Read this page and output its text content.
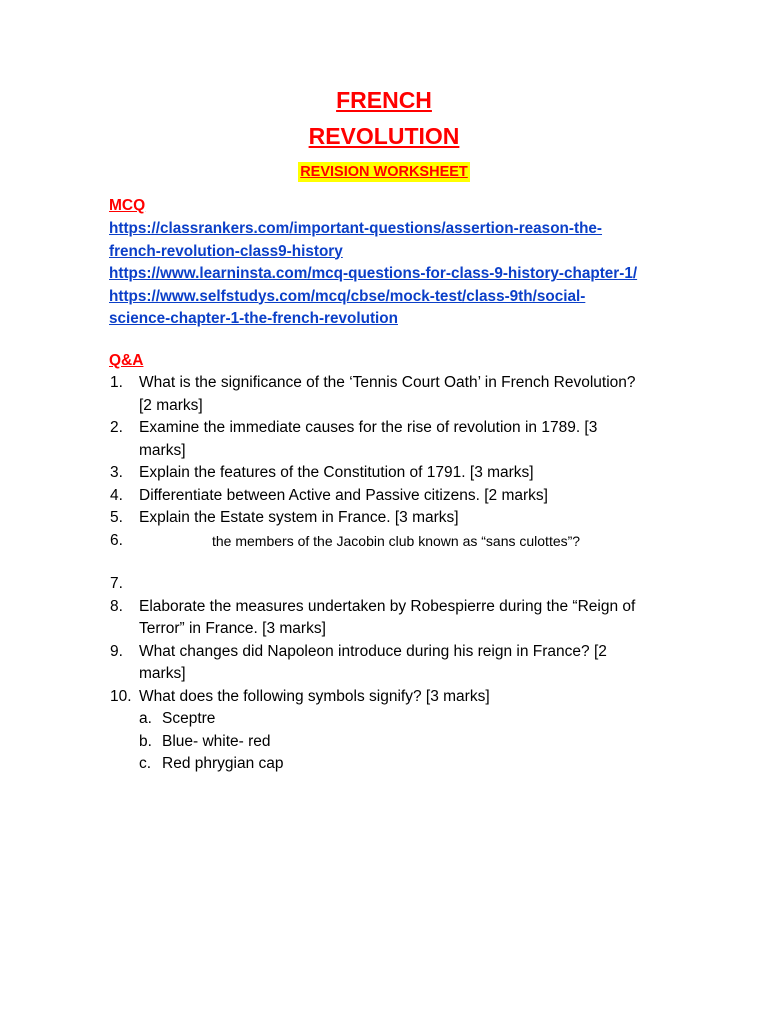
FRENCH
REVOLUTION
REVISION WORKSHEET
MCQ
https://classrankers.com/important-questions/assertion-reason-the-
french-revolution-class9-history
https://www.learninsta.com/mcq-questions-for-class-9-history-chapter-1/
https://www.selfstudys.com/mcq/cbse/mock-test/class-9th/social-
science-chapter-1-the-french-revolution
Q&A
1. What is the significance of the ‘Tennis Court Oath’ in French Revolution?
[2 marks]
2. Examine the immediate causes for the rise of revolution in 1789. [3
marks]
3. Explain the features of the Constitution of 1791. [3 marks]
4. Differentiate between Active and Passive citizens. [2 marks]
5. Explain the Estate system in France. [3 marks]
6.	the members of the Jacobin club known as “sans culottes”?
7.

8. Elaborate the measures undertaken by Robespierre during the “Reign of
Terror” in France. [3 marks]
9. What changes did Napoleon introduce during his reign in France? [2
marks]
10. What does the following symbols signify? [3 marks]
a. Sceptre
b. Blue- white- red
c. Red phrygian cap
